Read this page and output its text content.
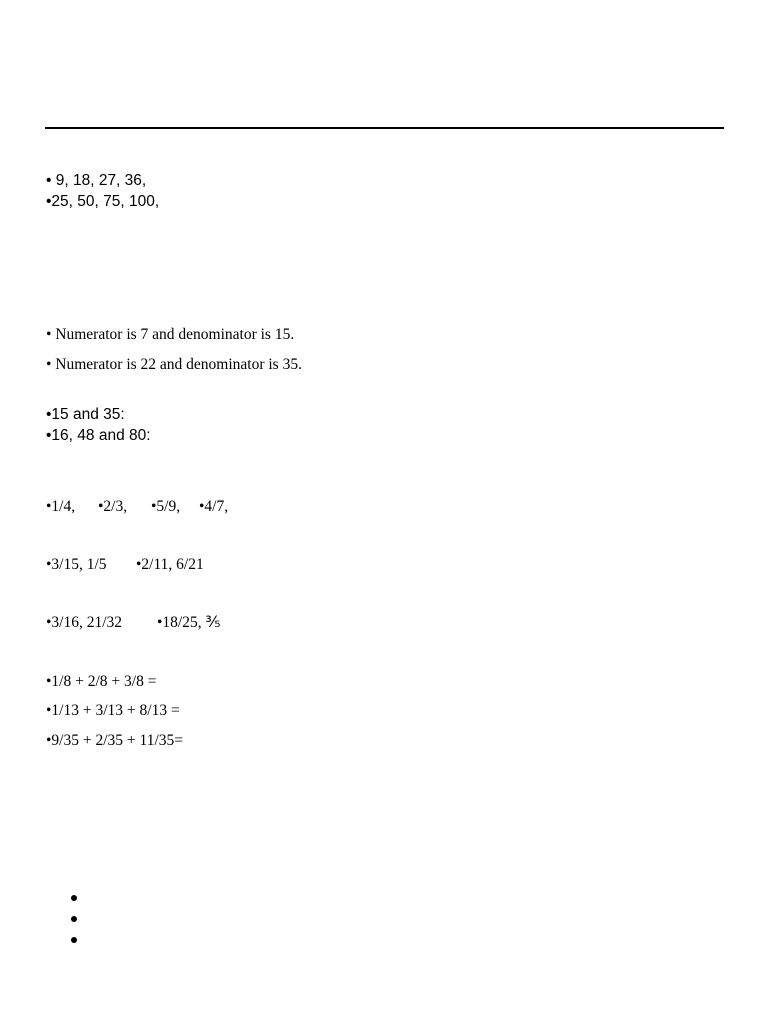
• 9, 18, 27, 36,
•25, 50, 75, 100,
• Numerator is 7 and denominator is 15.
• Numerator is 22 and denominator is 35.
•15 and 35:
•16, 48 and 80:

•1/4,

•2/3,

•5/9,

•4/7,

•3/15, 1/5

•2/11, 6/21

•3/16, 21/32

•18/25, ⅗

•1/8 + 2/8 + 3/8 =
•1/13 + 3/13 + 8/13 =
•9/35 + 2/35 + 11/35=
